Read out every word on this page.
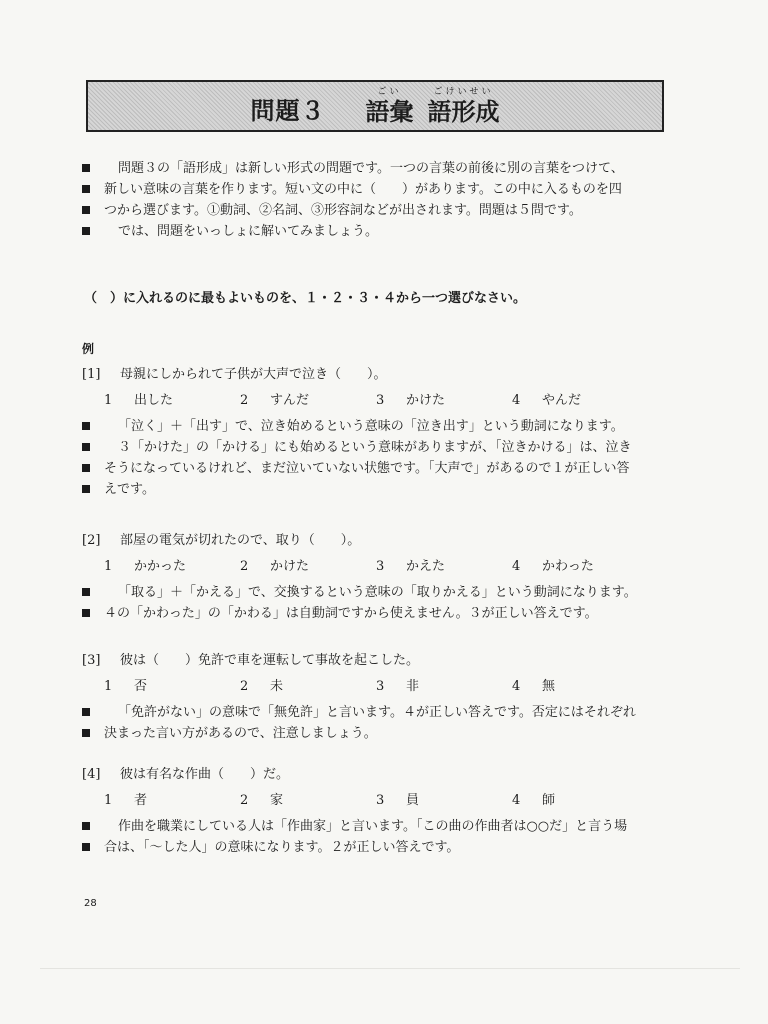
問題３
ごい
語彙
ごけいせい
語形成
問題３の「語形成」は新しい形式の問題です。一つの言葉の前後に別の言葉をつけて、
新しい意味の言葉を作ります。短い文の中に（　　）があります。この中に入るものを四
つから選びます。①動詞、②名詞、③形容詞などが出されます。問題は５問です。
では、問題をいっしょに解いてみましょう。
（　）に入れるのに最もよいものを、１・２・３・４から一つ選びなさい。
例
[1] 母親にしかられて子供が大声で泣き（　　）。
1 出した	2 すんだ	3 かけた	4 やんだ
「泣く」＋「出す」で、泣き始めるという意味の「泣き出す」という動詞になります。
３「かけた」の「かける」にも始めるという意味がありますが、「泣きかける」は、泣き
そうになっているけれど、まだ泣いていない状態です。「大声で」があるので１が正しい答
えです。
[2] 部屋の電気が切れたので、取り（　　）。
1 かかった	2 かけた	3 かえた	4 かわった
「取る」＋「かえる」で、交換するという意味の「取りかえる」という動詞になります。
４の「かわった」の「かわる」は自動詞ですから使えません。３が正しい答えです。
[3] 彼は（　　）免許で車を運転して事故を起こした。
1 否	2 未	3 非	4 無
「免許がない」の意味で「無免許」と言います。４が正しい答えです。否定にはそれぞれ
決まった言い方があるので、注意しましょう。
[4] 彼は有名な作曲（　　）だ。
1 者	2 家	3 員	4 師
作曲を職業にしている人は「作曲家」と言います。「この曲の作曲者は○○だ」と言う場
合は、「～した人」の意味になります。２が正しい答えです。
28
